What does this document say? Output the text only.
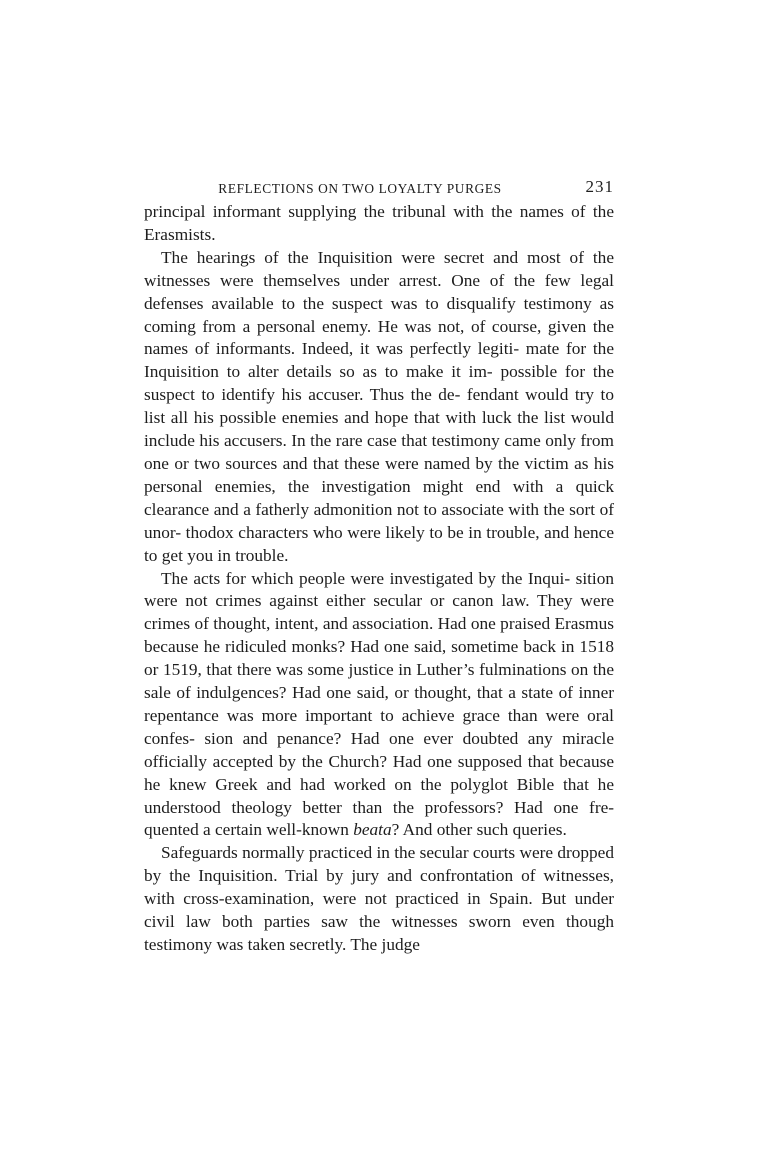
REFLECTIONS ON TWO LOYALTY PURGES	231

principal informant supplying the tribunal with the names of the Erasmists.

The hearings of the Inquisition were secret and most of the witnesses were themselves under arrest. One of the few legal defenses available to the suspect was to disqualify testimony as coming from a personal enemy. He was not, of course, given the names of informants. Indeed, it was perfectly legiti- mate for the Inquisition to alter details so as to make it im- possible for the suspect to identify his accuser. Thus the de- fendant would try to list all his possible enemies and hope that with luck the list would include his accusers. In the rare case that testimony came only from one or two sources and that these were named by the victim as his personal enemies, the investigation might end with a quick clearance and a fatherly admonition not to associate with the sort of unor- thodox characters who were likely to be in trouble, and hence to get you in trouble.

The acts for which people were investigated by the Inqui- sition were not crimes against either secular or canon law. They were crimes of thought, intent, and association. Had one praised Erasmus because he ridiculed monks? Had one said, sometime back in 1518 or 1519, that there was some justice in Luther’s fulminations on the sale of indulgences? Had one said, or thought, that a state of inner repentance was more important to achieve grace than were oral confes- sion and penance? Had one ever doubted any miracle officially accepted by the Church? Had one supposed that because he knew Greek and had worked on the polyglot Bible that he understood theology better than the professors? Had one fre- quented a certain well-known beata? And other such queries.

Safeguards normally practiced in the secular courts were dropped by the Inquisition. Trial by jury and confrontation of witnesses, with cross-examination, were not practiced in Spain. But under civil law both parties saw the witnesses sworn even though testimony was taken secretly. The judge
